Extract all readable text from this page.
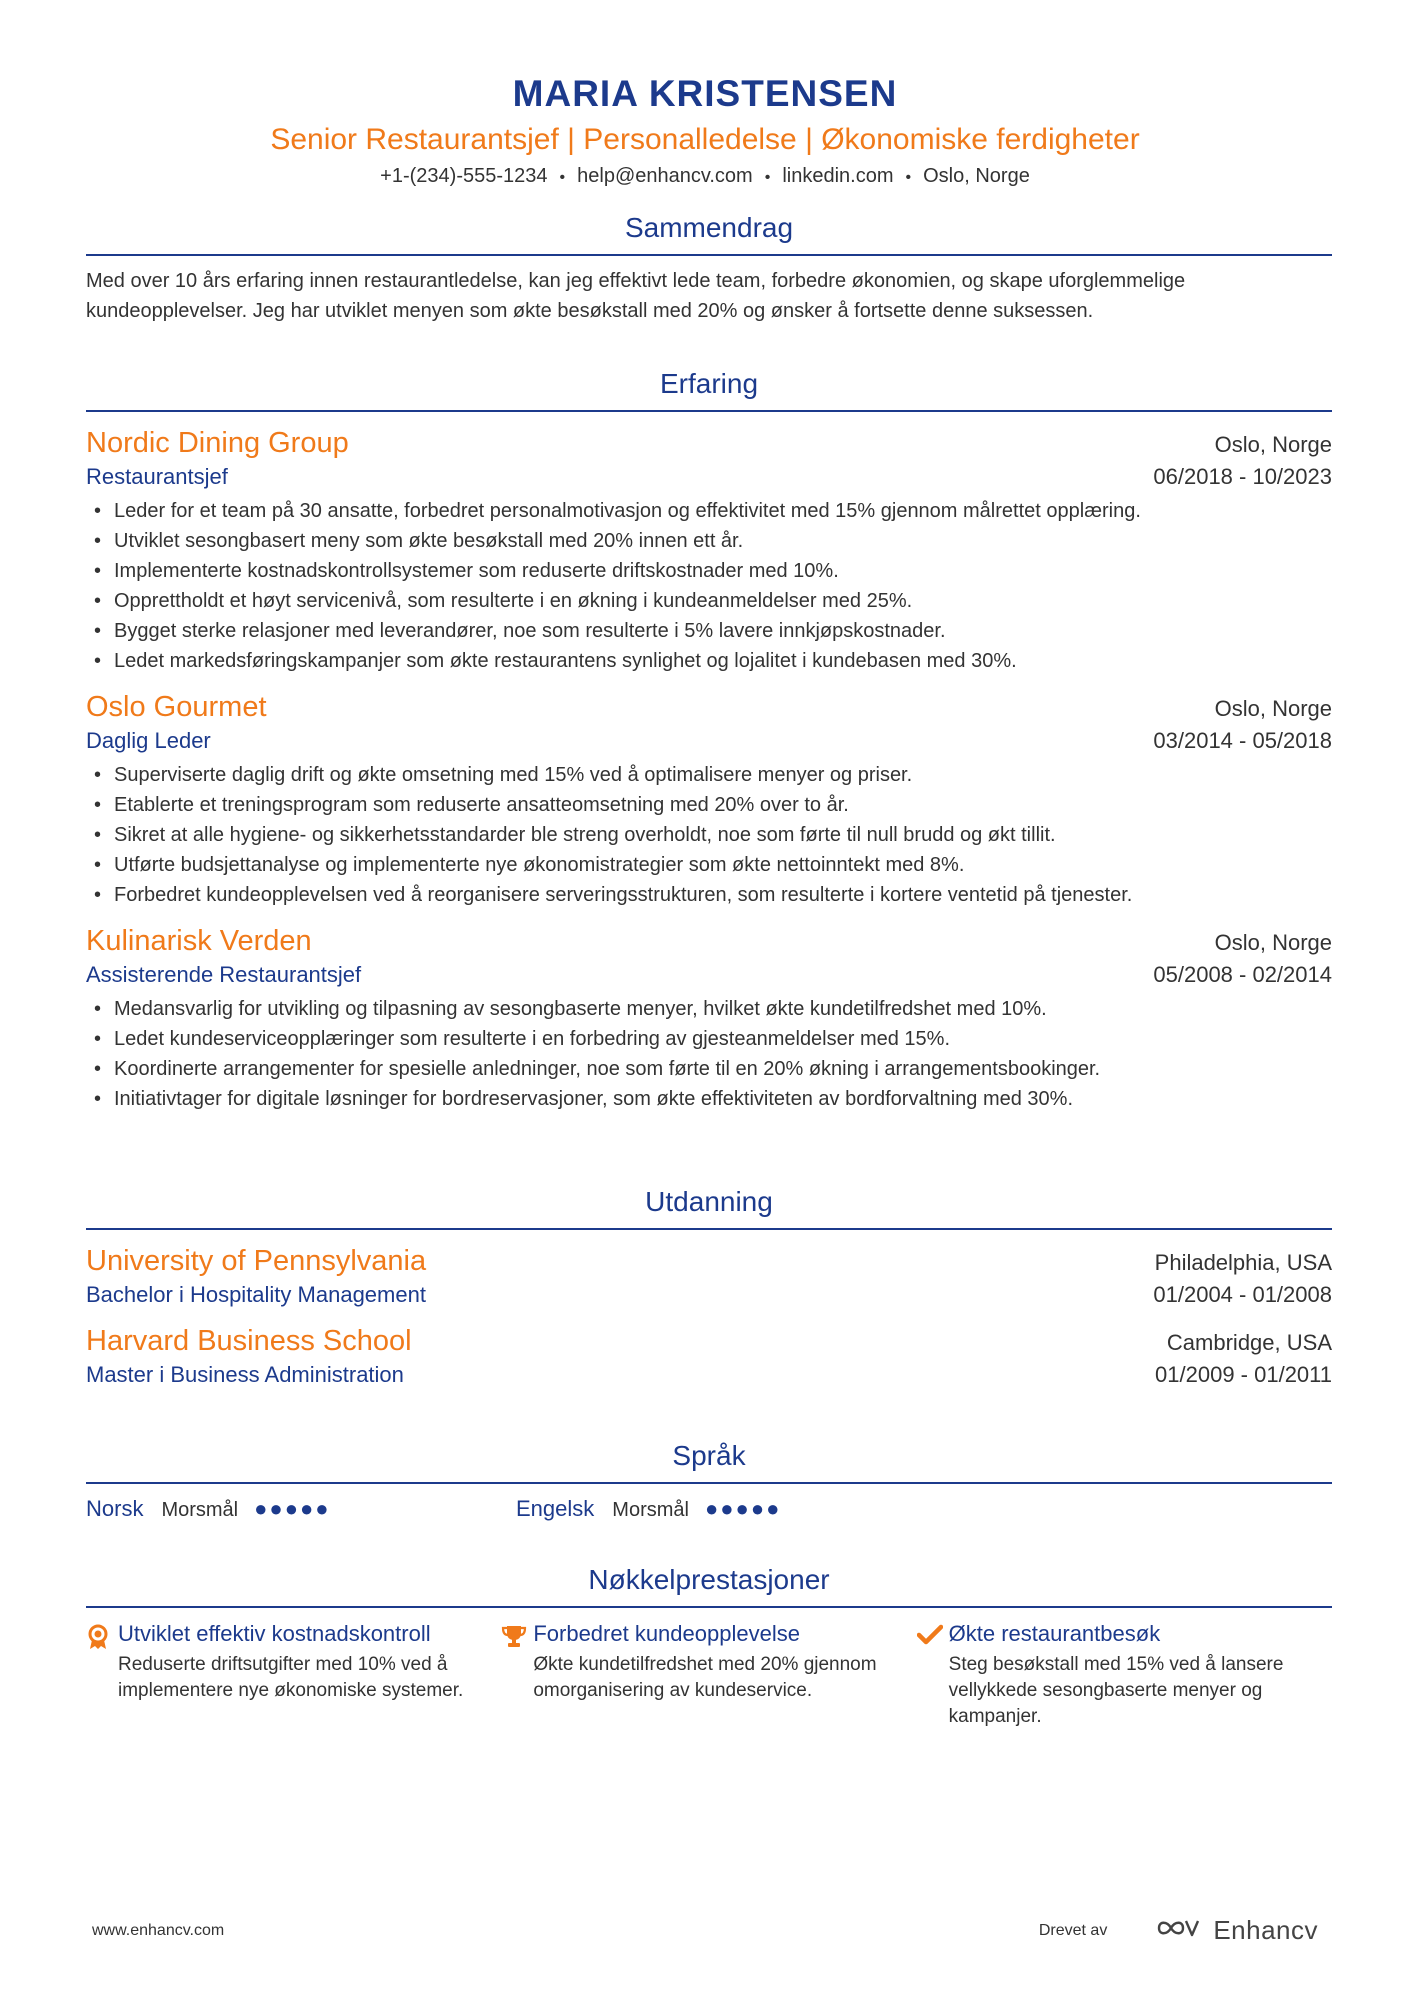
MARIA KRISTENSEN
Senior Restaurantsjef | Personalledelse | Økonomiske ferdigheter
+1-(234)-555-1234 • help@enhancv.com • linkedin.com • Oslo, Norge
Sammendrag
Med over 10 års erfaring innen restaurantledelse, kan jeg effektivt lede team, forbedre økonomien, og skape uforglemmelige kundeopplevelser. Jeg har utviklet menyen som økte besøkstall med 20% og ønsker å fortsette denne suksessen.
Erfaring
Nordic Dining Group	Oslo, Norge
Restaurantsjef	06/2018 - 10/2023
• Leder for et team på 30 ansatte, forbedret personalmotivasjon og effektivitet med 15% gjennom målrettet opplæring.
• Utviklet sesongbasert meny som økte besøkstall med 20% innen ett år.
• Implementerte kostnadskontrollsystemer som reduserte driftskostnader med 10%.
• Opprettholdt et høyt servicenivå, som resulterte i en økning i kundeanmeldelser med 25%.
• Bygget sterke relasjoner med leverandører, noe som resulterte i 5% lavere innkjøpskostnader.
• Ledet markedsføringskampanjer som økte restaurantens synlighet og lojalitet i kundebasen med 30%.
Oslo Gourmet	Oslo, Norge
Daglig Leder	03/2014 - 05/2018
• Superviserte daglig drift og økte omsetning med 15% ved å optimalisere menyer og priser.
• Etablerte et treningsprogram som reduserte ansatteomsetning med 20% over to år.
• Sikret at alle hygiene- og sikkerhetsstandarder ble streng overholdt, noe som førte til null brudd og økt tillit.
• Utførte budsjettanalyse og implementerte nye økonomistrategier som økte nettoinntekt med 8%.
• Forbedret kundeopplevelsen ved å reorganisere serveringsstrukturen, som resulterte i kortere ventetid på tjenester.
Kulinarisk Verden	Oslo, Norge
Assisterende Restaurantsjef	05/2008 - 02/2014
• Medansvarlig for utvikling og tilpasning av sesongbaserte menyer, hvilket økte kundetilfredshet med 10%.
• Ledet kundeserviceopplæringer som resulterte i en forbedring av gjesteanmeldelser med 15%.
• Koordinerte arrangementer for spesielle anledninger, noe som førte til en 20% økning i arrangementsbookinger.
• Initiativtager for digitale løsninger for bordreservasjoner, som økte effektiviteten av bordforvaltning med 30%.
Utdanning
University of Pennsylvania	Philadelphia, USA
Bachelor i Hospitality Management	01/2004 - 01/2008
Harvard Business School	Cambridge, USA
Master i Business Administration	01/2009 - 01/2011
Språk
Norsk Morsmål ●●●●●	Engelsk Morsmål ●●●●●
Nøkkelprestasjoner
Utviklet effektiv kostnadskontroll
Reduserte driftsutgifter med 10% ved å implementere nye økonomiske systemer.
Forbedret kundeopplevelse
Økte kundetilfredshet med 20% gjennom omorganisering av kundeservice.
Økte restaurantbesøk
Steg besøkstall med 15% ved å lansere vellykkede sesongbaserte menyer og kampanjer.
www.enhancv.com	Drevet av	Enhancv
